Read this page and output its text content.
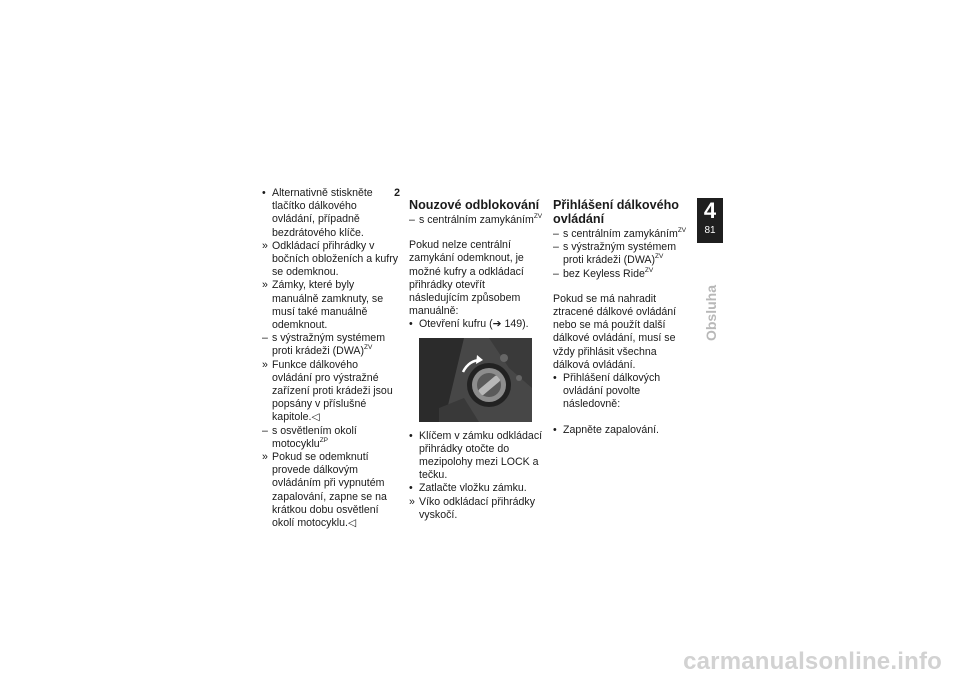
• Alternativně stiskněte tlačítko dálkového ovládání, případně bezdrátového klíče.
2
» Odkládací přihrádky v bočních obloženích a kufry se odemknou.
» Zámky, které byly manuálně zamknuty, se musí také manuálně odemknout.
– s výstražným systémem proti krádeži (DWA)$^{ZV}$
» Funkce dálkového ovládání pro výstražné zařízení proti krádeži jsou popsány v příslušné kapitole.◁
– s osvětlením okolí motocyklu$^{ZP}$
» Pokud se odemknutí provede dálkovým ovládáním při vypnutém zapalování, zapne se na krátkou dobu osvětlení okolí motocyklu.◁
Nouzové odblokování
– s centrálním zamykáním$^{ZV}$

Pokud nelze centrální zamykání odemknout, je možné kufry a odkládací přihrádky otevřít následujícím způsobem manuálně:

• Otevření kufru (➔ 149).
• Klíčem v zámku odkládací přihrádky otočte do mezipolohy mezi LOCK a tečku.
• Zatlačte vložku zámku.
» Víko odkládací přihrádky vyskočí.
Přihlášení dálkového ovládání
– s centrálním zamykáním$^{ZV}$
– s výstražným systémem proti krádeži (DWA)$^{ZV}$
– bez Keyless Ride$^{ZV}$

Pokud se má nahradit ztracené dálkové ovládání nebo se má použít další dálkové ovládání, musí se vždy přihlásit všechna dálková ovládání.

• Přihlášení dálkových ovládání povolte následovně:
• Zapněte zapalování.
4
81
Obsluha
carmanualsonline.info
